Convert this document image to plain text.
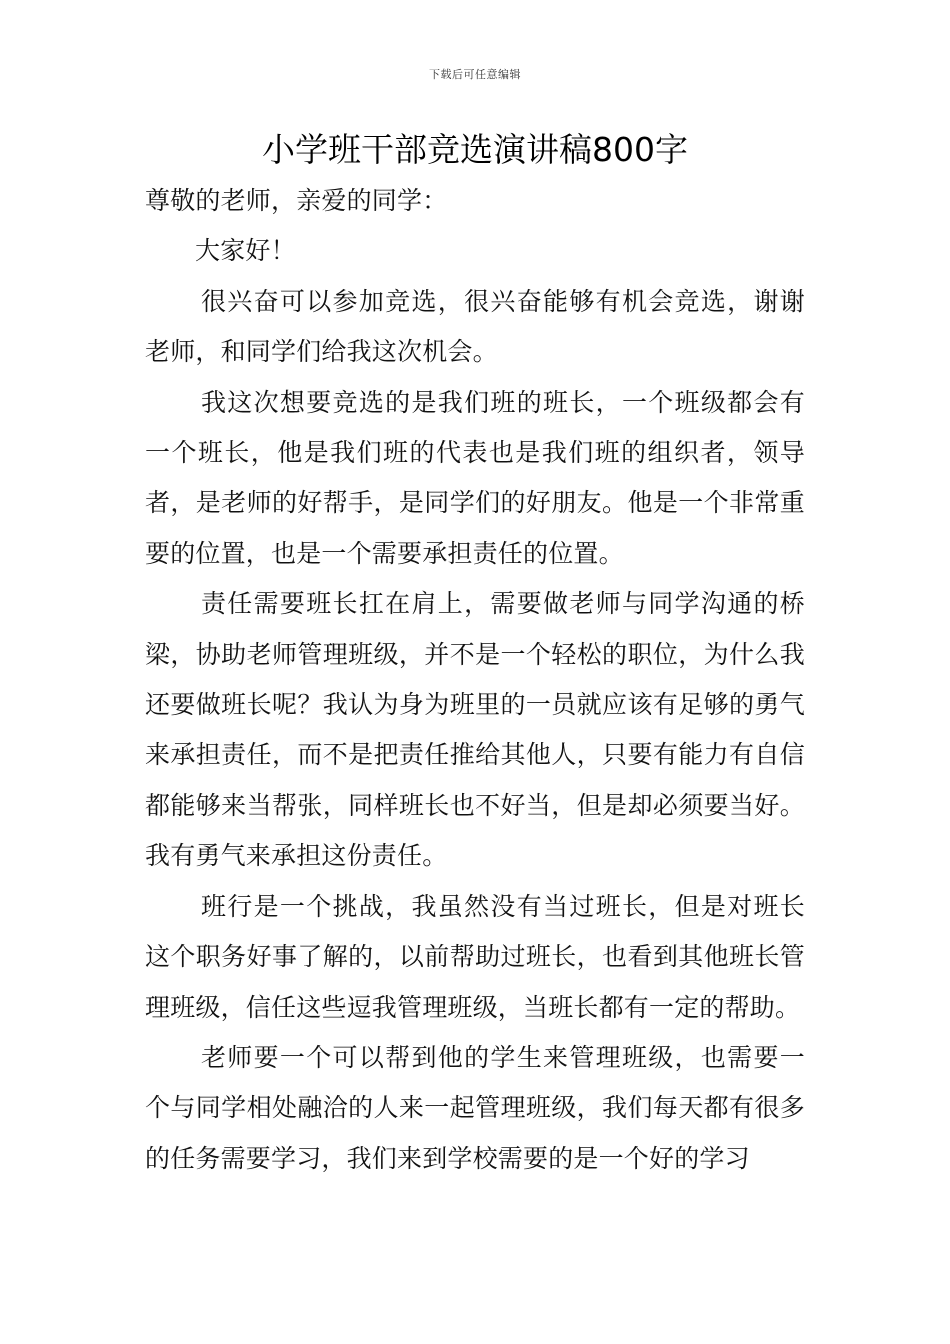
下载后可任意编辑
小学班干部竞选演讲稿800字

尊敬的老师，亲爱的同学：

大家好！

很兴奋可以参加竞选，很兴奋能够有机会竞选，谢谢老师，和同学们给我这次机会。

我这次想要竞选的是我们班的班长，一个班级都会有一个班长，他是我们班的代表也是我们班的组织者，领导者，是老师的好帮手，是同学们的好朋友。他是一个非常重要的位置，也是一个需要承担责任的位置。

责任需要班长扛在肩上，需要做老师与同学沟通的桥梁，协助老师管理班级，并不是一个轻松的职位，为什么我还要做班长呢？我认为身为班里的一员就应该有足够的勇气来承担责任，而不是把责任推给其他人，只要有能力有自信都能够来当帮张，同样班长也不好当，但是却必须要当好。我有勇气来承担这份责任。

班行是一个挑战，我虽然没有当过班长，但是对班长这个职务好事了解的，以前帮助过班长，也看到其他班长管理班级，信任这些逗我管理班级，当班长都有一定的帮助。

老师要一个可以帮到他的学生来管理班级，也需要一个与同学相处融洽的人来一起管理班级，我们每天都有很多的任务需要学习，我们来到学校需要的是一个好的学习
